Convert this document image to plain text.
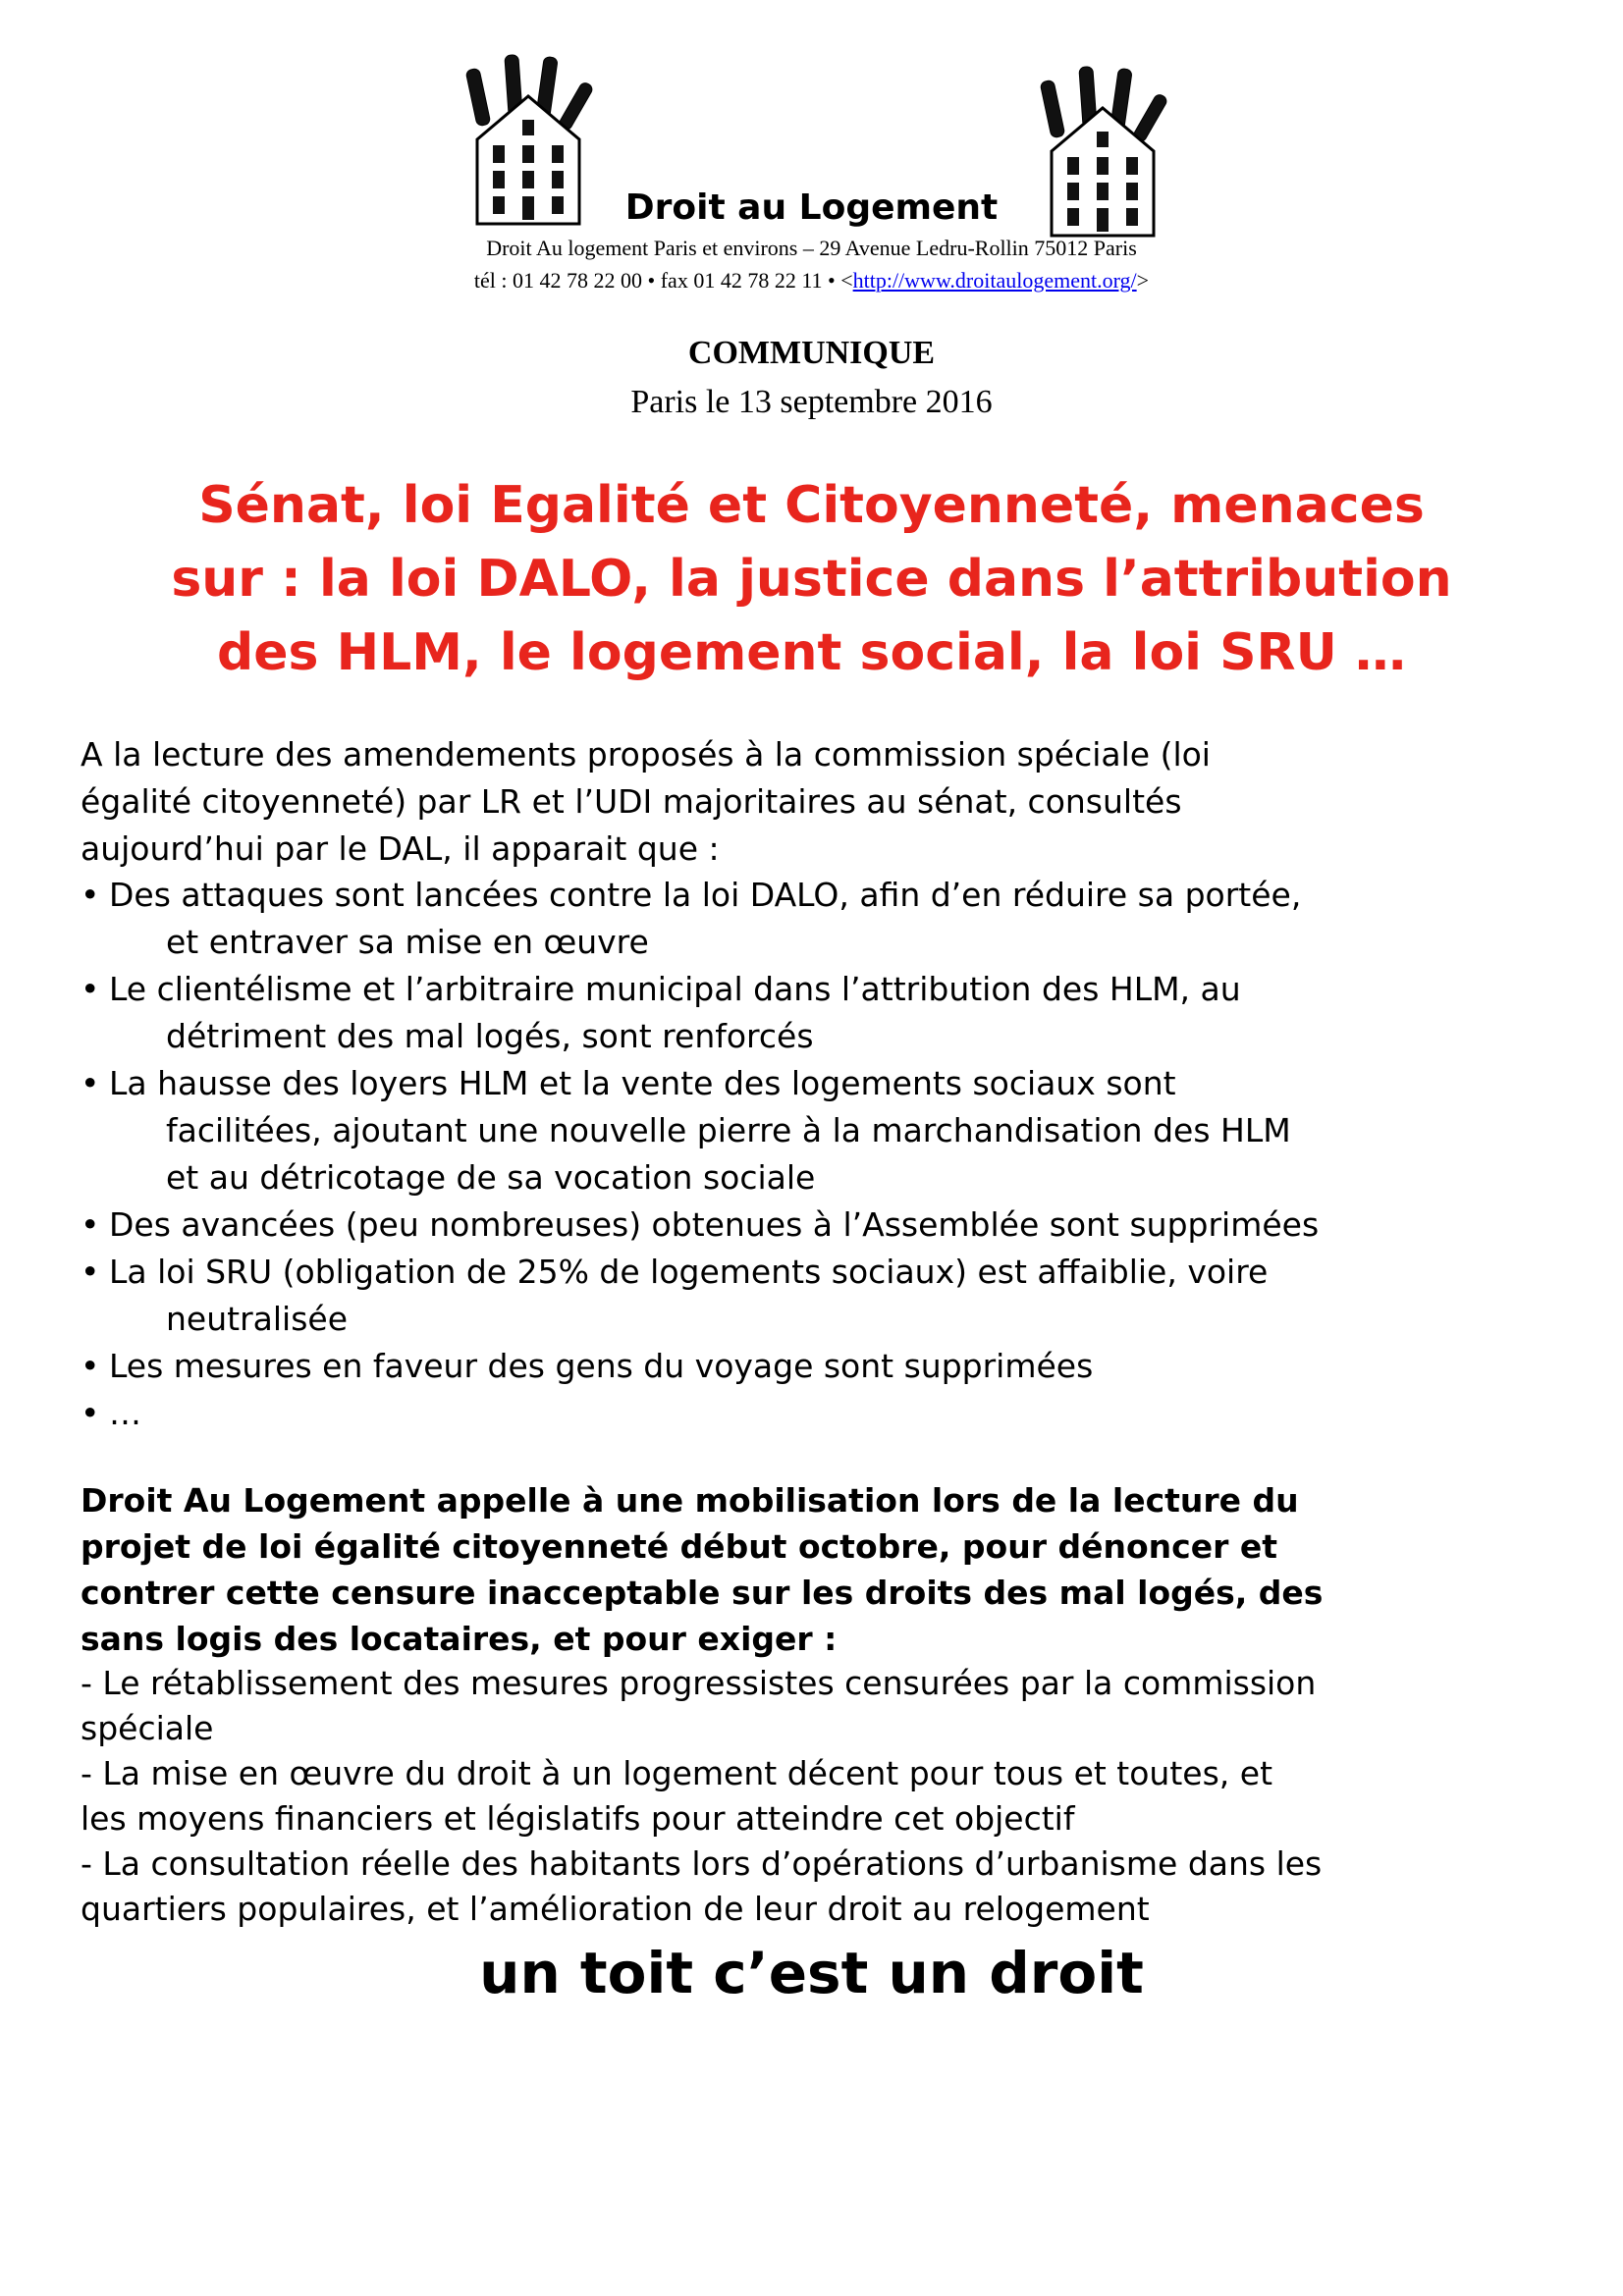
Droit au Logement
Droit Au logement Paris et environs – 29 Avenue Ledru-Rollin 75012 Paris
tél : 01 42 78 22 00 • fax 01 42 78 22 11 • <http://www.droitaulogement.org/>
COMMUNIQUE
Paris le 13 septembre 2016
Sénat, loi Egalité et Citoyenneté, menaces
sur : la loi DALO, la justice dans l’attribution
des HLM, le logement social, la loi SRU …
A la lecture des amendements proposés à la commission spéciale (loi
égalité citoyenneté) par LR et l’UDI majoritaires au sénat, consultés
aujourd’hui par le DAL, il apparait que :
• Des attaques sont lancées contre la loi DALO, afin d’en réduire sa portée,
et entraver sa mise en œuvre
• Le clientélisme et l’arbitraire municipal dans l’attribution des HLM, au
détriment des mal logés, sont renforcés
• La hausse des loyers HLM et la vente des logements sociaux sont
facilitées, ajoutant une nouvelle pierre à la marchandisation des HLM
et au détricotage de sa vocation sociale
• Des avancées (peu nombreuses) obtenues à l’Assemblée sont supprimées
• La loi SRU (obligation de 25% de logements sociaux) est affaiblie, voire
neutralisée
• Les mesures en faveur des gens du voyage sont supprimées
• …
Droit Au Logement appelle à une mobilisation lors de la lecture du
projet de loi égalité citoyenneté début octobre, pour dénoncer et
contrer cette censure inacceptable sur les droits des mal logés, des
sans logis des locataires, et pour exiger :
- Le rétablissement des mesures progressistes censurées par la commission
spéciale
- La mise en œuvre du droit à un logement décent pour tous et toutes, et
les moyens financiers et législatifs pour atteindre cet objectif
- La consultation réelle des habitants lors d’opérations d’urbanisme dans les
quartiers populaires, et l’amélioration de leur droit au relogement
un toit c’est un droit
